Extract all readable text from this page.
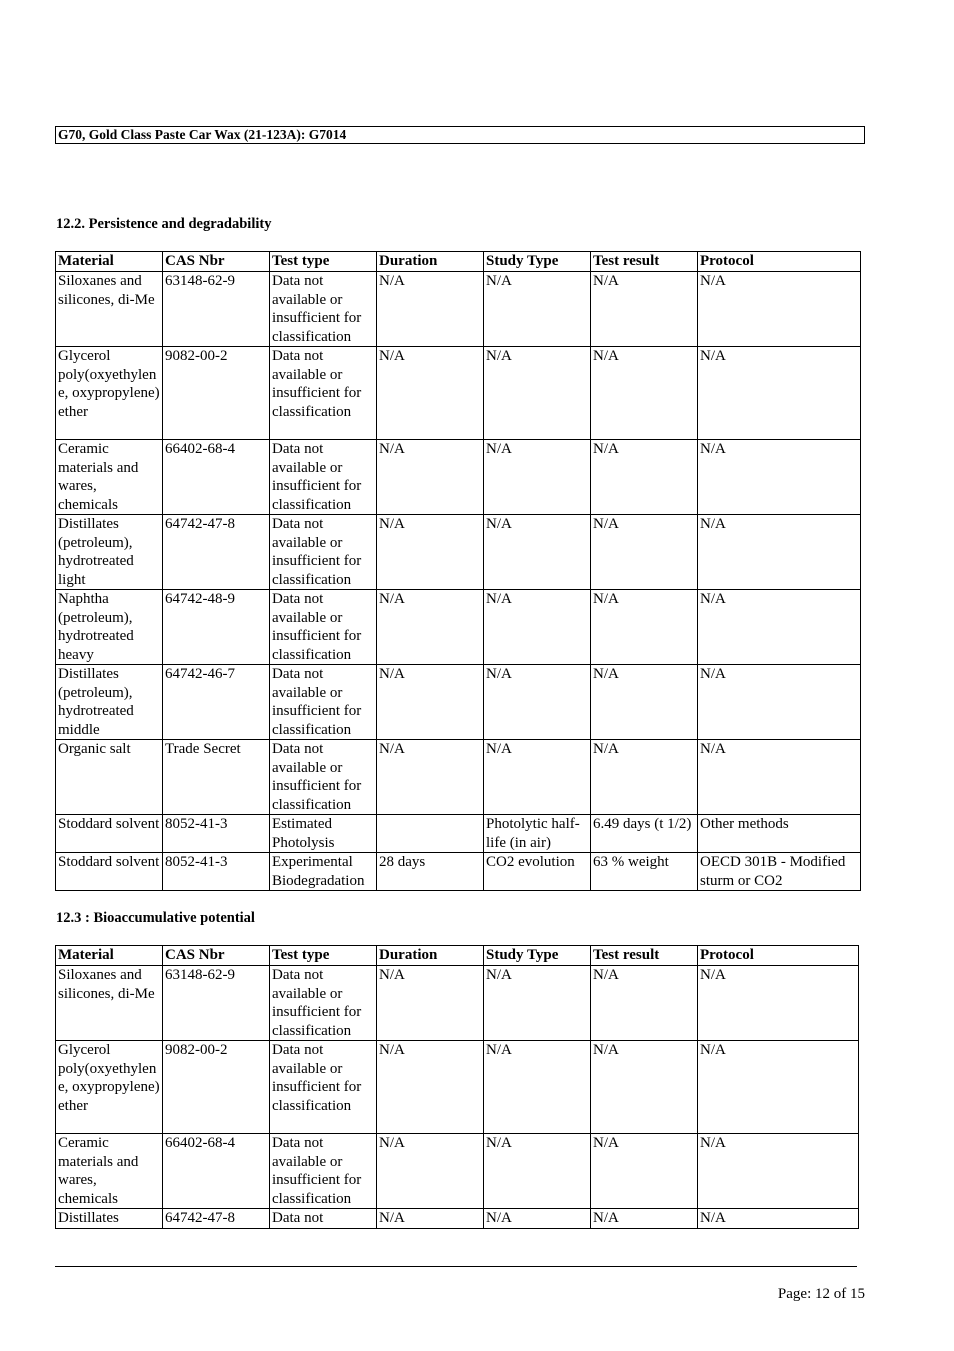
G70, Gold Class Paste Car Wax (21-123A): G7014
12.2. Persistence and degradability
Material	CAS Nbr	Test type	Duration	Study Type	Test result	Protocol
Siloxanes and silicones, di-Me	63148-62-9	Data not available or insufficient for classification	N/A	N/A	N/A	N/A
Glycerol poly(oxyethylene, oxypropylene) ether	9082-00-2	Data not available or insufficient for classification	N/A	N/A	N/A	N/A
Ceramic materials and wares, chemicals	66402-68-4	Data not available or insufficient for classification	N/A	N/A	N/A	N/A
Distillates (petroleum), hydrotreated light	64742-47-8	Data not available or insufficient for classification	N/A	N/A	N/A	N/A
Naphtha (petroleum), hydrotreated heavy	64742-48-9	Data not available or insufficient for classification	N/A	N/A	N/A	N/A
Distillates (petroleum), hydrotreated middle	64742-46-7	Data not available or insufficient for classification	N/A	N/A	N/A	N/A
Organic salt	Trade Secret	Data not available or insufficient for classification	N/A	N/A	N/A	N/A
Stoddard solvent	8052-41-3	Estimated Photolysis		Photolytic half-life (in air)	6.49 days (t 1/2)	Other methods
Stoddard solvent	8052-41-3	Experimental Biodegradation	28 days	CO2 evolution	63 % weight	OECD 301B - Modified sturm or CO2
12.3 : Bioaccumulative potential
Material	CAS Nbr	Test type	Duration	Study Type	Test result	Protocol
Siloxanes and silicones, di-Me	63148-62-9	Data not available or insufficient for classification	N/A	N/A	N/A	N/A
Glycerol poly(oxyethylene, oxypropylene) ether	9082-00-2	Data not available or insufficient for classification	N/A	N/A	N/A	N/A
Ceramic materials and wares, chemicals	66402-68-4	Data not available or insufficient for classification	N/A	N/A	N/A	N/A
Distillates	64742-47-8	Data not	N/A	N/A	N/A	N/A
Page: 12 of 15
